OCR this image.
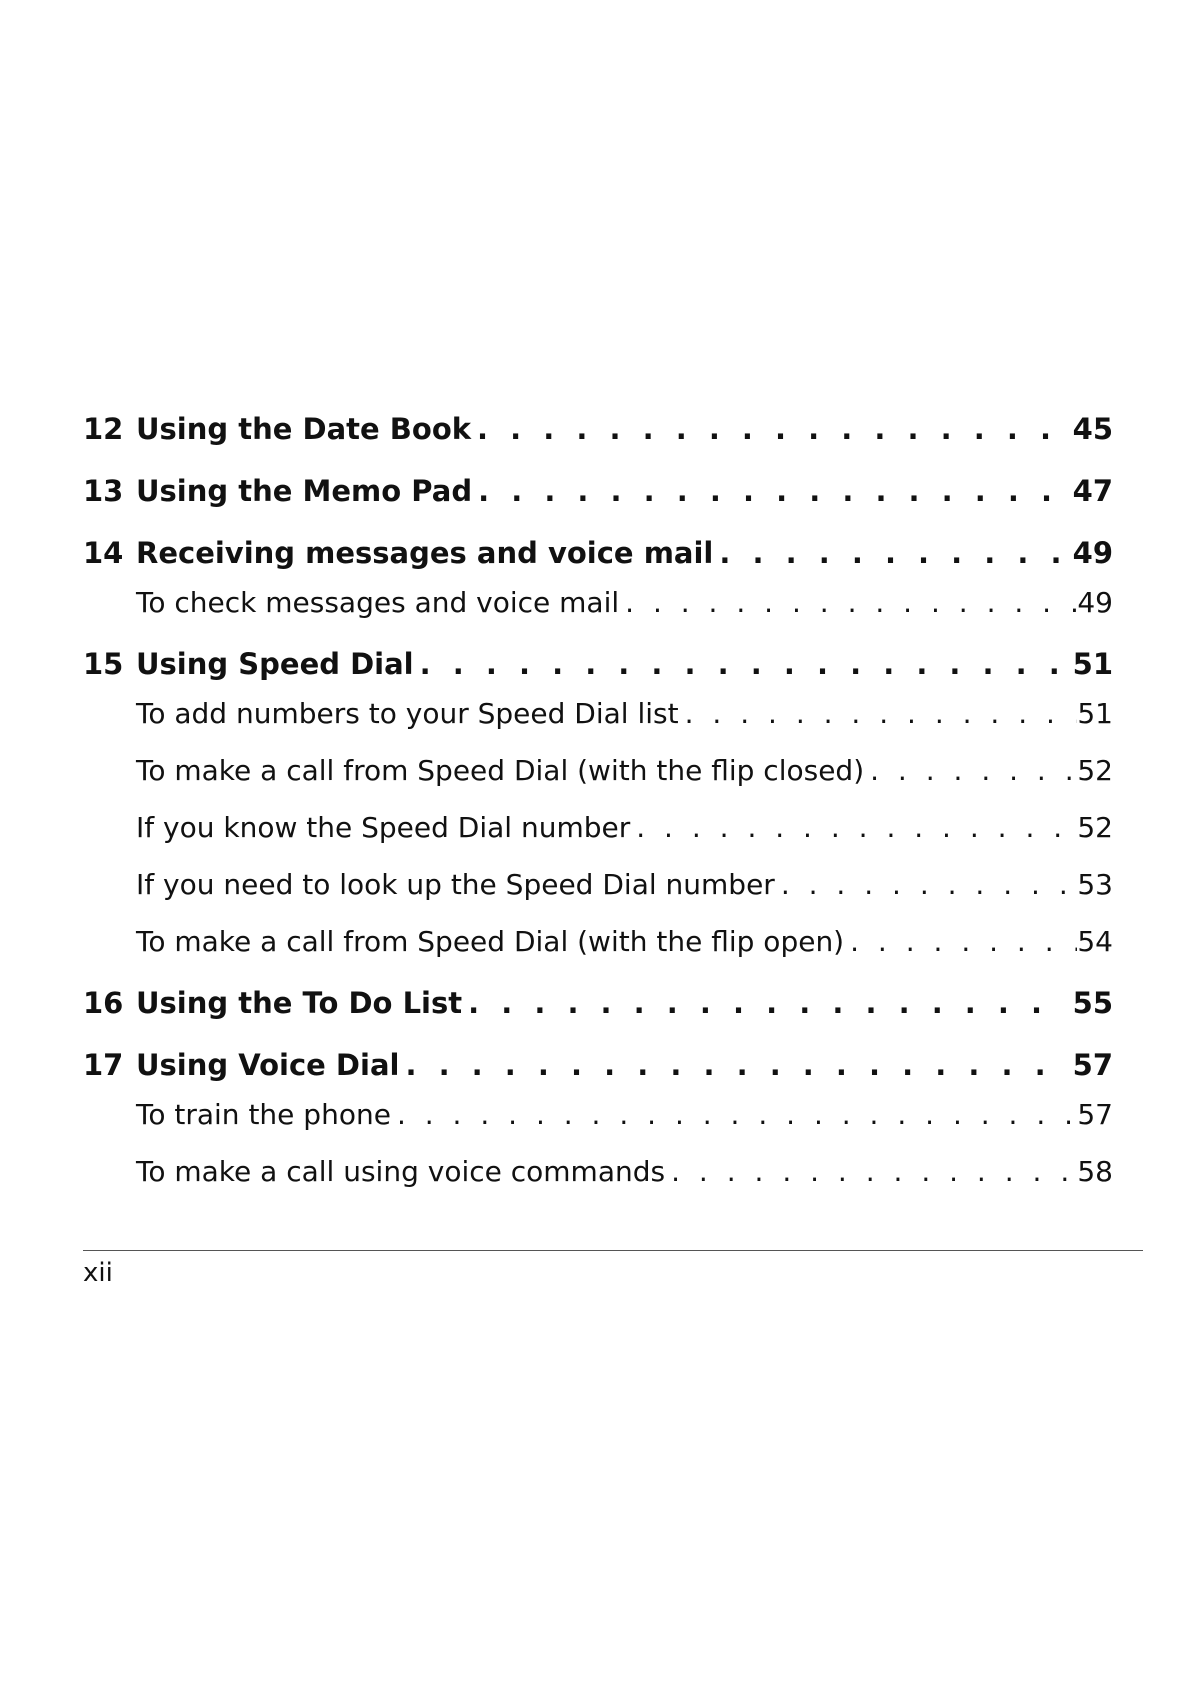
12 Using the Date Book . . .	45
13 Using the Memo Pad . . .	47
14 Receiving messages and voice mail . . .	49
To check messages and voice mail . . .	49
15 Using Speed Dial . . .	51
To add numbers to your Speed Dial list . . .	51
To make a call from Speed Dial (with the flip closed) . . .	52
If you know the Speed Dial number . . .	52
If you need to look up the Speed Dial number . . .	53
To make a call from Speed Dial (with the flip open) . . .	54
16 Using the To Do List . . .	55
17 Using Voice Dial . . .	57
To train the phone . . .	57
To make a call using voice commands . . .	58
xii
